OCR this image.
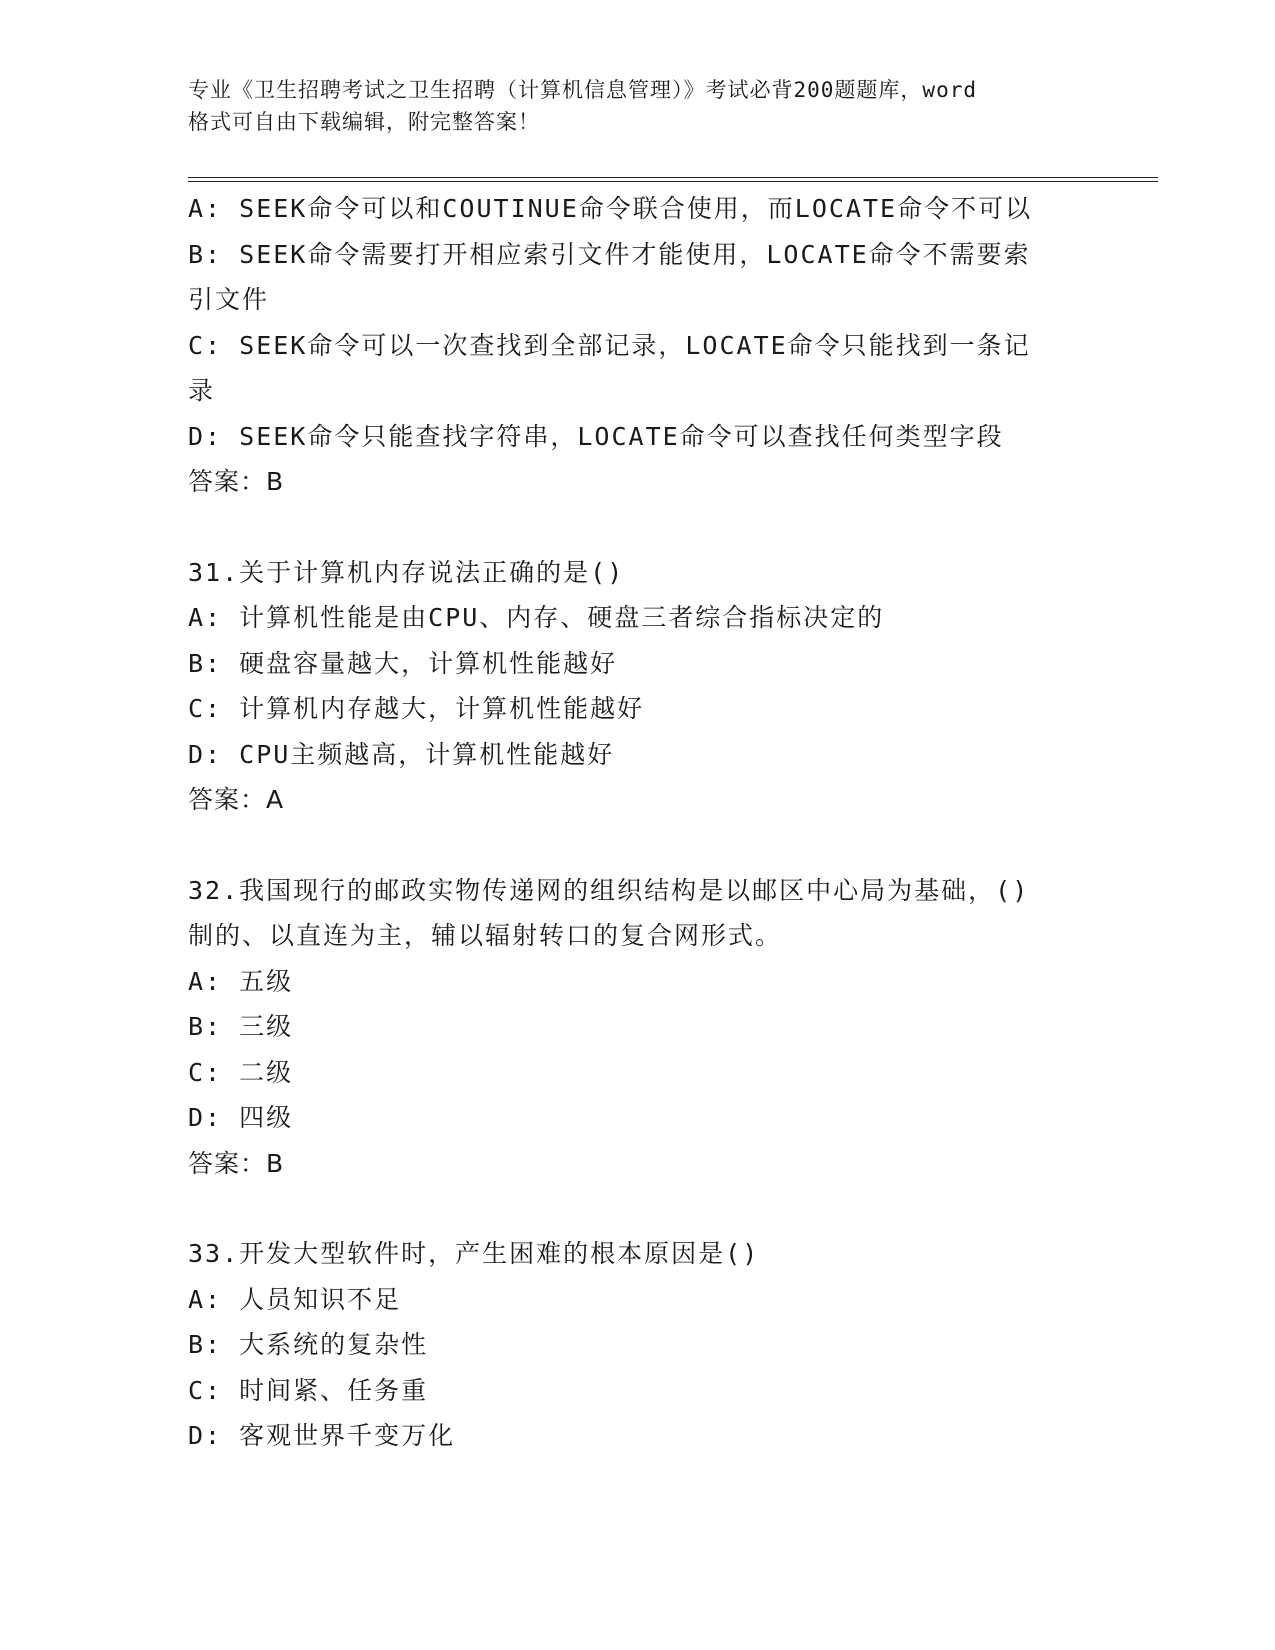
专业《卫生招聘考试之卫生招聘（计算机信息管理）》考试必背200题题库，word
格式可自由下载编辑，附完整答案！
A: SEEK命令可以和COUTINUE命令联合使用，而LOCATE命令不可以
B: SEEK命令需要打开相应索引文件才能使用，LOCATE命令不需要索
引文件
C: SEEK命令可以一次查找到全部记录，LOCATE命令只能找到一条记
录
D: SEEK命令只能查找字符串，LOCATE命令可以查找任何类型字段
答案：B
31.关于计算机内存说法正确的是()
A: 计算机性能是由CPU、内存、硬盘三者综合指标决定的
B: 硬盘容量越大，计算机性能越好
C: 计算机内存越大，计算机性能越好
D: CPU主频越高，计算机性能越好
答案：A
32.我国现行的邮政实物传递网的组织结构是以邮区中心局为基础，()
制的、以直连为主，辅以辐射转口的复合网形式。
A: 五级
B: 三级
C: 二级
D: 四级
答案：B
33.开发大型软件时，产生困难的根本原因是()
A: 人员知识不足
B: 大系统的复杂性
C: 时间紧、任务重
D: 客观世界千变万化
